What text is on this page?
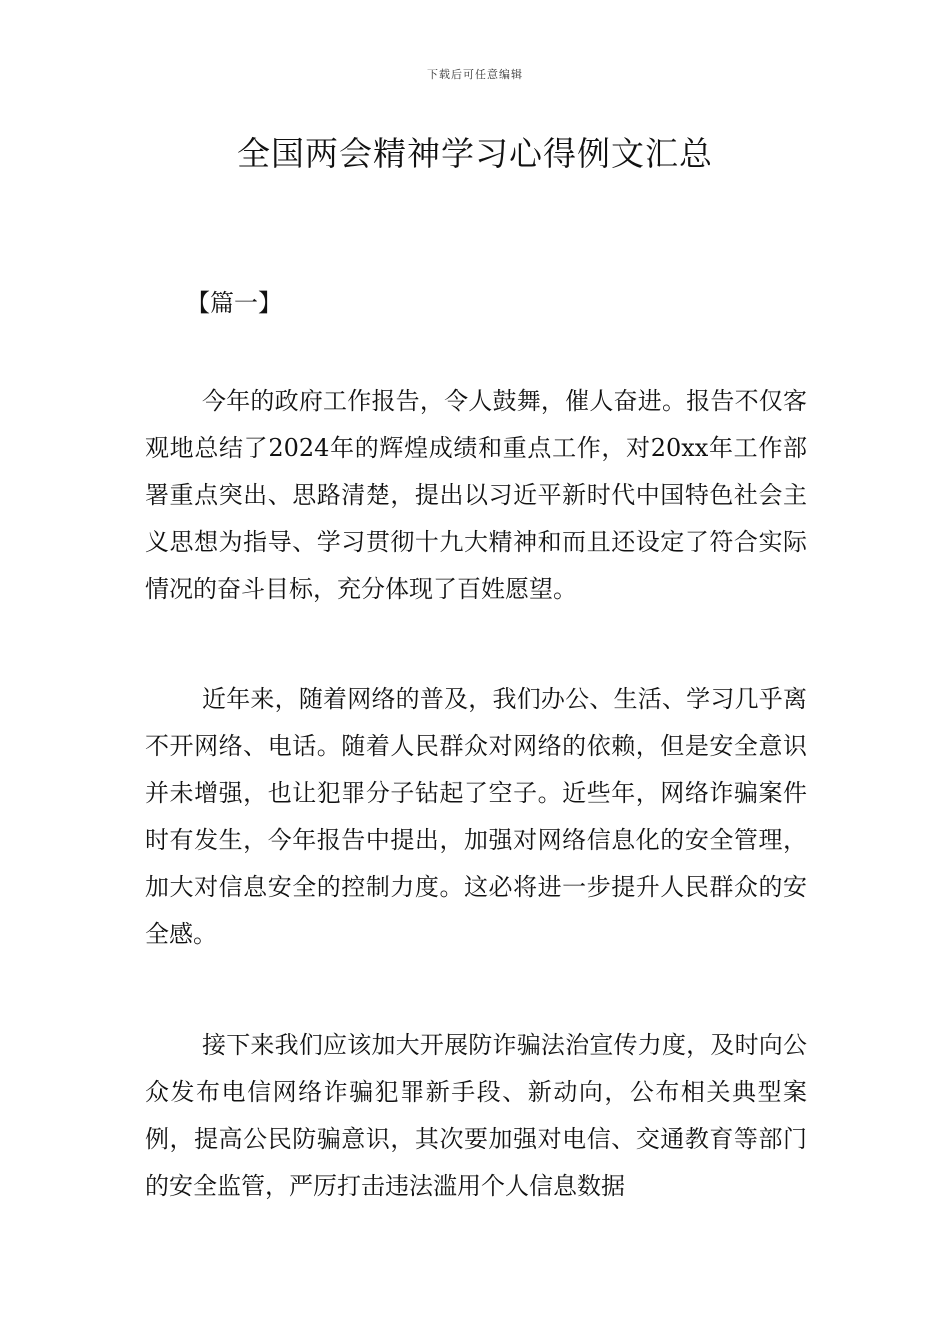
下载后可任意编辑
全国两会精神学习心得例文汇总

【篇一】

今年的政府工作报告，令人鼓舞，催人奋进。报告不仅客观地总结了2024年的辉煌成绩和重点工作，对20xx年工作部署重点突出、思路清楚，提出以习近平新时代中国特色社会主义思想为指导、学习贯彻十九大精神和而且还设定了符合实际情况的奋斗目标，充分体现了百姓愿望。

近年来，随着网络的普及，我们办公、生活、学习几乎离不开网络、电话。随着人民群众对网络的依赖，但是安全意识并未增强，也让犯罪分子钻起了空子。近些年，网络诈骗案件时有发生，今年报告中提出，加强对网络信息化的安全管理，加大对信息安全的控制力度。这必将进一步提升人民群众的安全感。

接下来我们应该加大开展防诈骗法治宣传力度，及时向公众发布电信网络诈骗犯罪新手段、新动向，公布相关典型案例，提高公民防骗意识，其次要加强对电信、交通教育等部门的安全监管，严厉打击违法滥用个人信息数据
